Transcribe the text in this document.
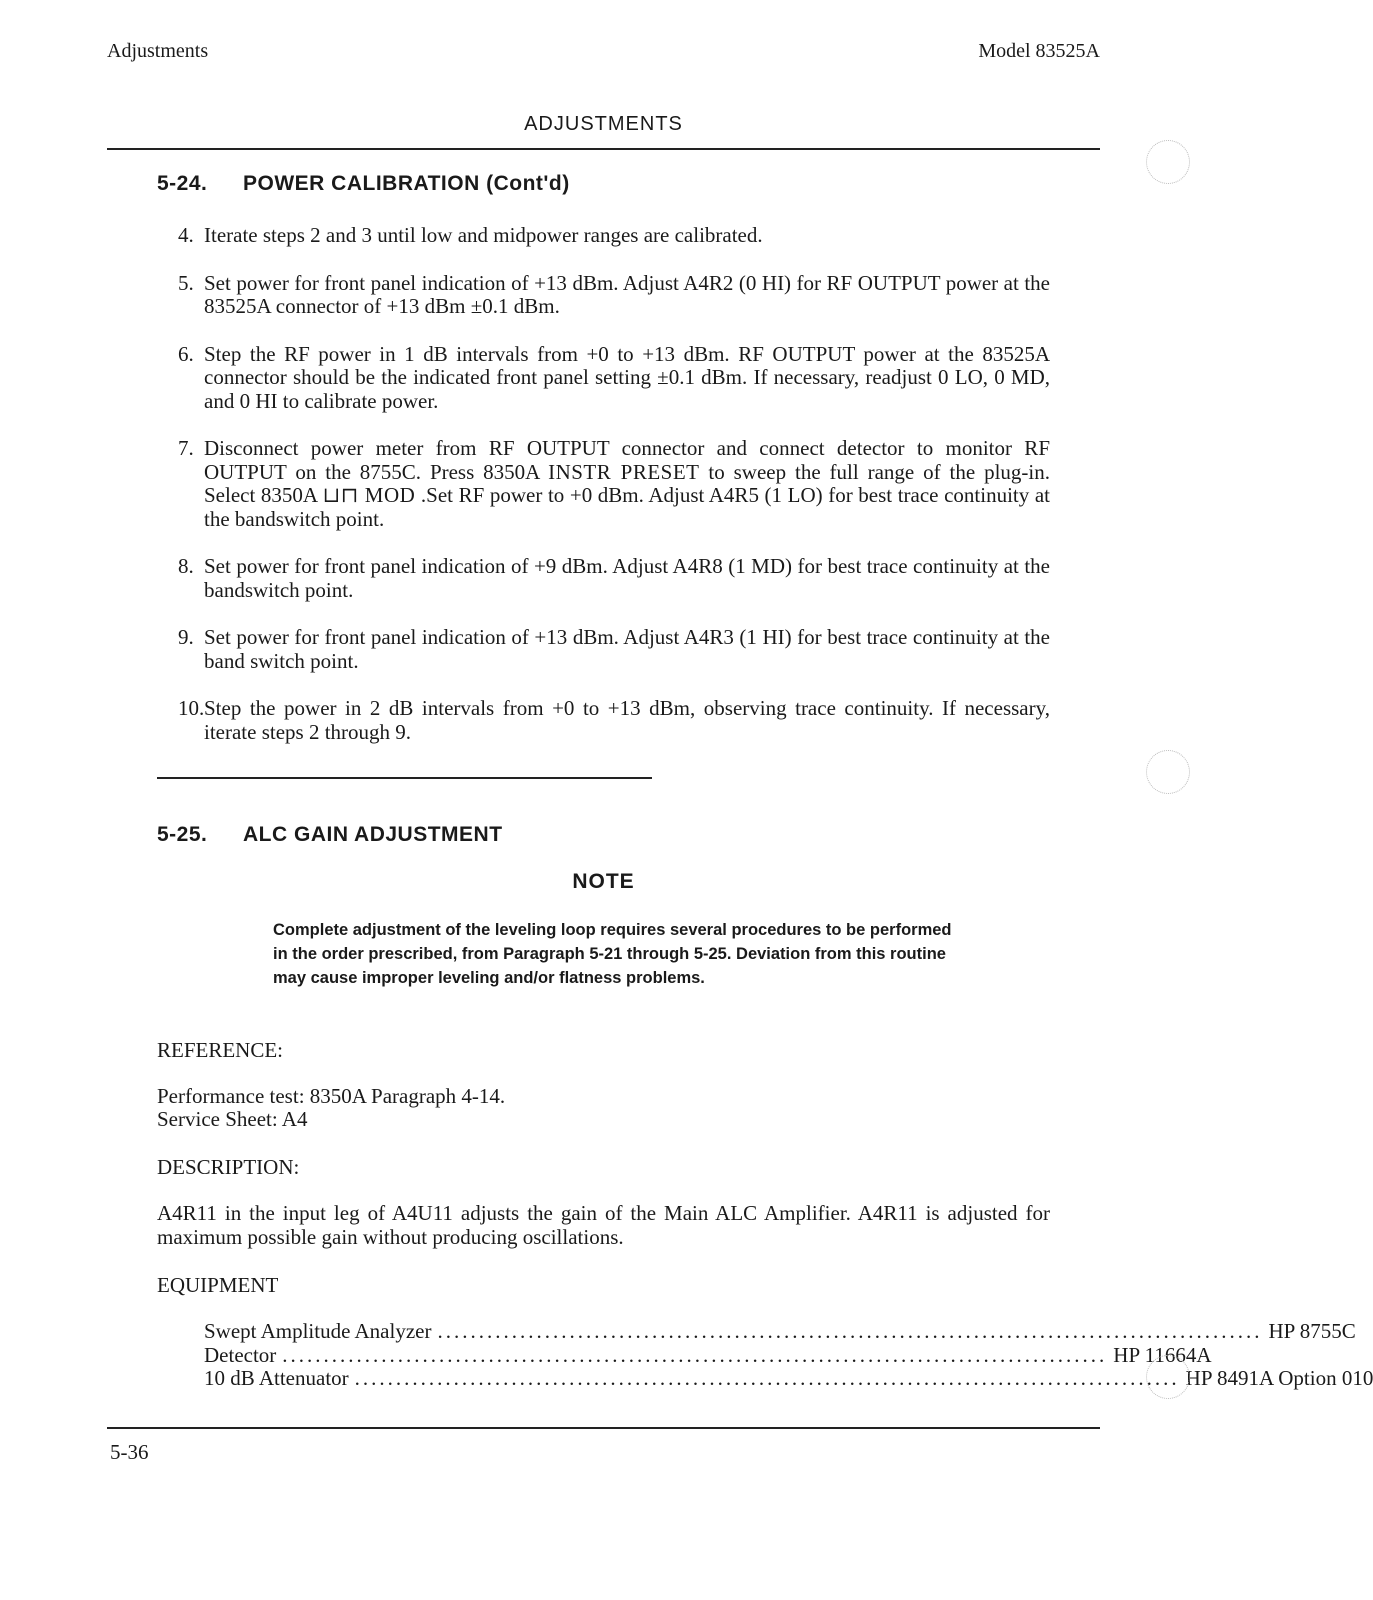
Adjustments	Model 83525A
ADJUSTMENTS
5-24. POWER CALIBRATION (Cont'd)
4. Iterate steps 2 and 3 until low and midpower ranges are calibrated.
5. Set power for front panel indication of +13 dBm. Adjust A4R2 (0 HI) for RF OUTPUT power at the 83525A connector of +13 dBm ±0.1 dBm.
6. Step the RF power in 1 dB intervals from +0 to +13 dBm. RF OUTPUT power at the 83525A connector should be the indicated front panel setting ±0.1 dBm. If necessary, readjust 0 LO, 0 MD, and 0 HI to calibrate power.
7. Disconnect power meter from RF OUTPUT connector and connect detector to monitor RF OUTPUT on the 8755C. Press 8350A INSTR PRESET to sweep the full range of the plug-in. Select 8350A ⊔⊓ MOD .Set RF power to +0 dBm. Adjust A4R5 (1 LO) for best trace continuity at the bandswitch point.
8. Set power for front panel indication of +9 dBm. Adjust A4R8 (1 MD) for best trace continuity at the bandswitch point.
9. Set power for front panel indication of +13 dBm. Adjust A4R3 (1 HI) for best trace continuity at the band switch point.
10. Step the power in 2 dB intervals from +0 to +13 dBm, observing trace continuity. If necessary, iterate steps 2 through 9.
5-25. ALC GAIN ADJUSTMENT
NOTE
Complete adjustment of the leveling loop requires several procedures to be performed in the order prescribed, from Paragraph 5-21 through 5-25. Deviation from this routine may cause improper leveling and/or flatness problems.
REFERENCE:
Performance test: 8350A Paragraph 4-14.
Service Sheet: A4
DESCRIPTION:
A4R11 in the input leg of A4U11 adjusts the gain of the Main ALC Amplifier. A4R11 is adjusted for maximum possible gain without producing oscillations.
EQUIPMENT
Swept Amplitude Analyzer .................................................................................................... HP 8755C
Detector .................................................................................................... HP 11664A
10 dB Attenuator .................................................................................................... HP 8491A Option 010
5-36
